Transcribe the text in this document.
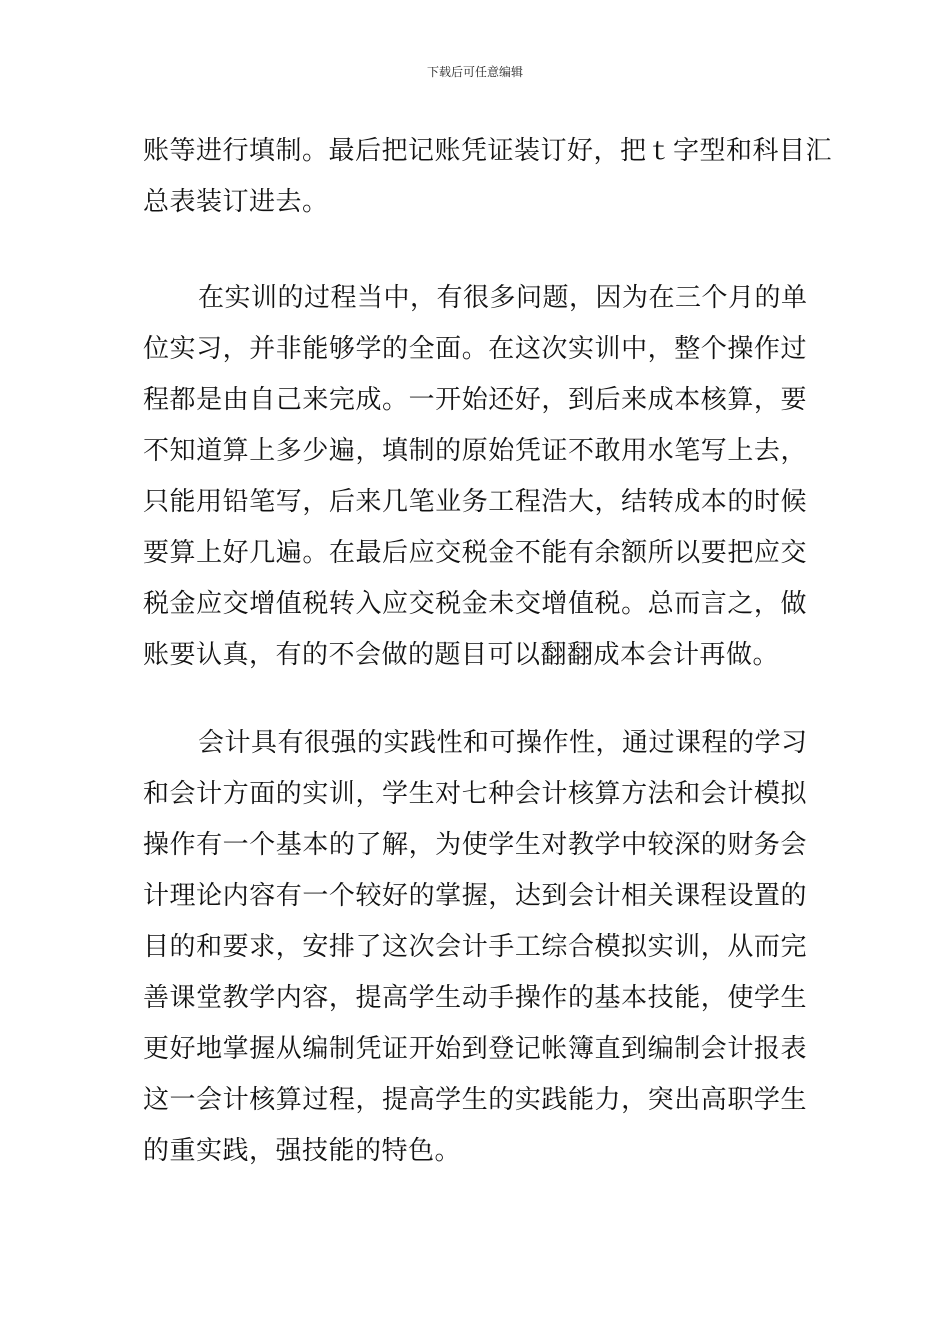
下载后可任意编辑
账等进行填制。最后把记账凭证装订好，把ｔ字型和科目汇
总表装订进去。
在实训的过程当中，有很多问题，因为在三个月的单
位实习，并非能够学的全面。在这次实训中，整个操作过
程都是由自己来完成。一开始还好，到后来成本核算，要
不知道算上多少遍，填制的原始凭证不敢用水笔写上去，
只能用铅笔写，后来几笔业务工程浩大，结转成本的时候
要算上好几遍。在最后应交税金不能有余额所以要把应交
税金应交增值税转入应交税金未交增值税。总而言之，做
账要认真，有的不会做的题目可以翻翻成本会计再做。
会计具有很强的实践性和可操作性，通过课程的学习
和会计方面的实训，学生对七种会计核算方法和会计模拟
操作有一个基本的了解，为使学生对教学中较深的财务会
计理论内容有一个较好的掌握，达到会计相关课程设置的
目的和要求，安排了这次会计手工综合模拟实训，从而完
善课堂教学内容，提高学生动手操作的基本技能，使学生
更好地掌握从编制凭证开始到登记帐簿直到编制会计报表
这一会计核算过程，提高学生的实践能力，突出高职学生
的重实践，强技能的特色。
